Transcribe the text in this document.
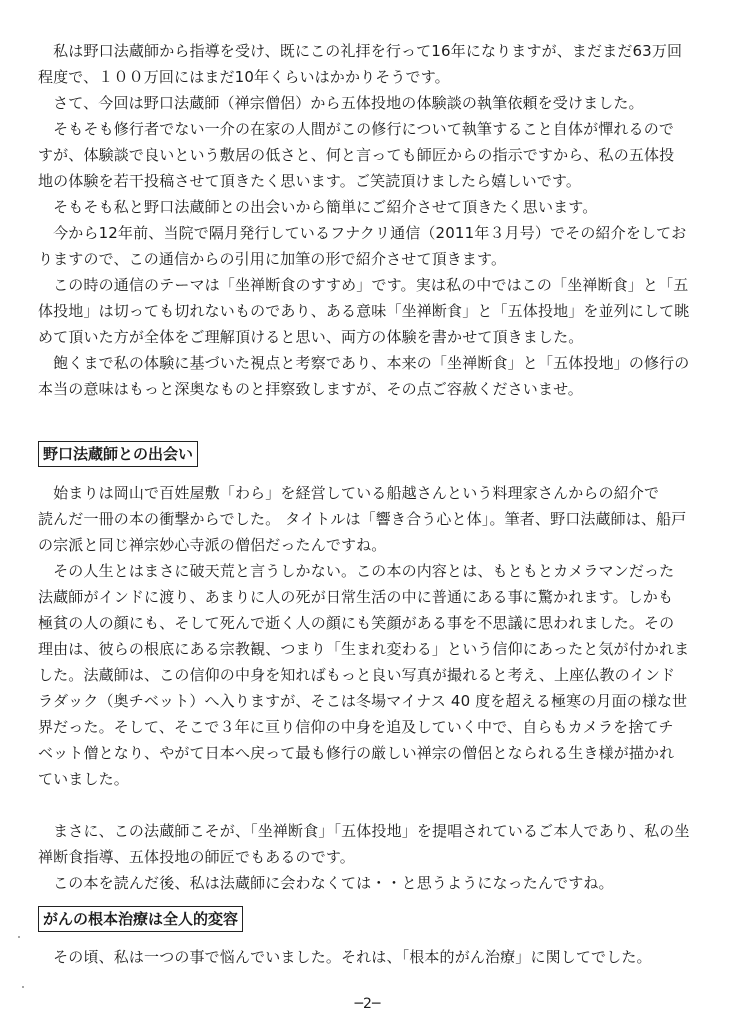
　私は野口法蔵師から指導を受け、既にこの礼拝を行って16年になりますが、まだまだ63万回
程度で、１００万回にはまだ10年くらいはかかりそうです。

　さて、今回は野口法蔵師（禅宗僧侶）から五体投地の体験談の執筆依頼を受けました。

　そもそも修行者でない一介の在家の人間がこの修行について執筆すること自体が憚れるので
すが、体験談で良いという敷居の低さと、何と言っても師匠からの指示ですから、私の五体投
地の体験を若干投稿させて頂きたく思います。ご笑読頂けましたら嬉しいです。

　そもそも私と野口法蔵師との出会いから簡単にご紹介させて頂きたく思います。

　今から12年前、当院で隔月発行しているフナクリ通信（2011年３月号）でその紹介をしてお
りますので、この通信からの引用に加筆の形で紹介させて頂きます。

　この時の通信のテーマは「坐禅断食のすすめ」です。実は私の中ではこの「坐禅断食」と「五
体投地」は切っても切れないものであり、ある意味「坐禅断食」と「五体投地」を並列にして眺
めて頂いた方が全体をご理解頂けると思い、両方の体験を書かせて頂きました。

　飽くまで私の体験に基づいた視点と考察であり、本来の「坐禅断食」と「五体投地」の修行の
本当の意味はもっと深奥なものと拝察致しますが、その点ご容赦くださいませ。

野口法蔵師との出会い

　始まりは岡山で百姓屋敷「わら」を経営している船越さんという料理家さんからの紹介で
読んだ一冊の本の衝撃からでした。 タイトルは「響き合う心と体」。筆者、野口法蔵師は、船戸
の宗派と同じ禅宗妙心寺派の僧侶だったんですね。

　その人生とはまさに破天荒と言うしかない。この本の内容とは、もともとカメラマンだった
法蔵師がインドに渡り、あまりに人の死が日常生活の中に普通にある事に驚かれます。しかも
極貧の人の顔にも、そして死んで逝く人の顔にも笑顔がある事を不思議に思われました。その
理由は、彼らの根底にある宗教観、つまり「生まれ変わる」という信仰にあったと気が付かれま
した。法蔵師は、この信仰の中身を知ればもっと良い写真が撮れると考え、上座仏教のインド
ラダック（奥チベット）へ入りますが、そこは冬場マイナス 40 度を超える極寒の月面の様な世
界だった。そして、そこで３年に亘り信仰の中身を追及していく中で、自らもカメラを捨てチ
ベット僧となり、やがて日本へ戻って最も修行の厳しい禅宗の僧侶となられる生き様が描かれ
ていました。

　まさに、この法蔵師こそが、「坐禅断食」「五体投地」を提唱されているご本人であり、私の坐
禅断食指導、五体投地の師匠でもあるのです。

　この本を読んだ後、私は法蔵師に会わなくては・・と思うようになったんですね。

がんの根本治療は全人的変容

　その頃、私は一つの事で悩んでいました。それは、「根本的がん治療」に関してでした。

─2─
